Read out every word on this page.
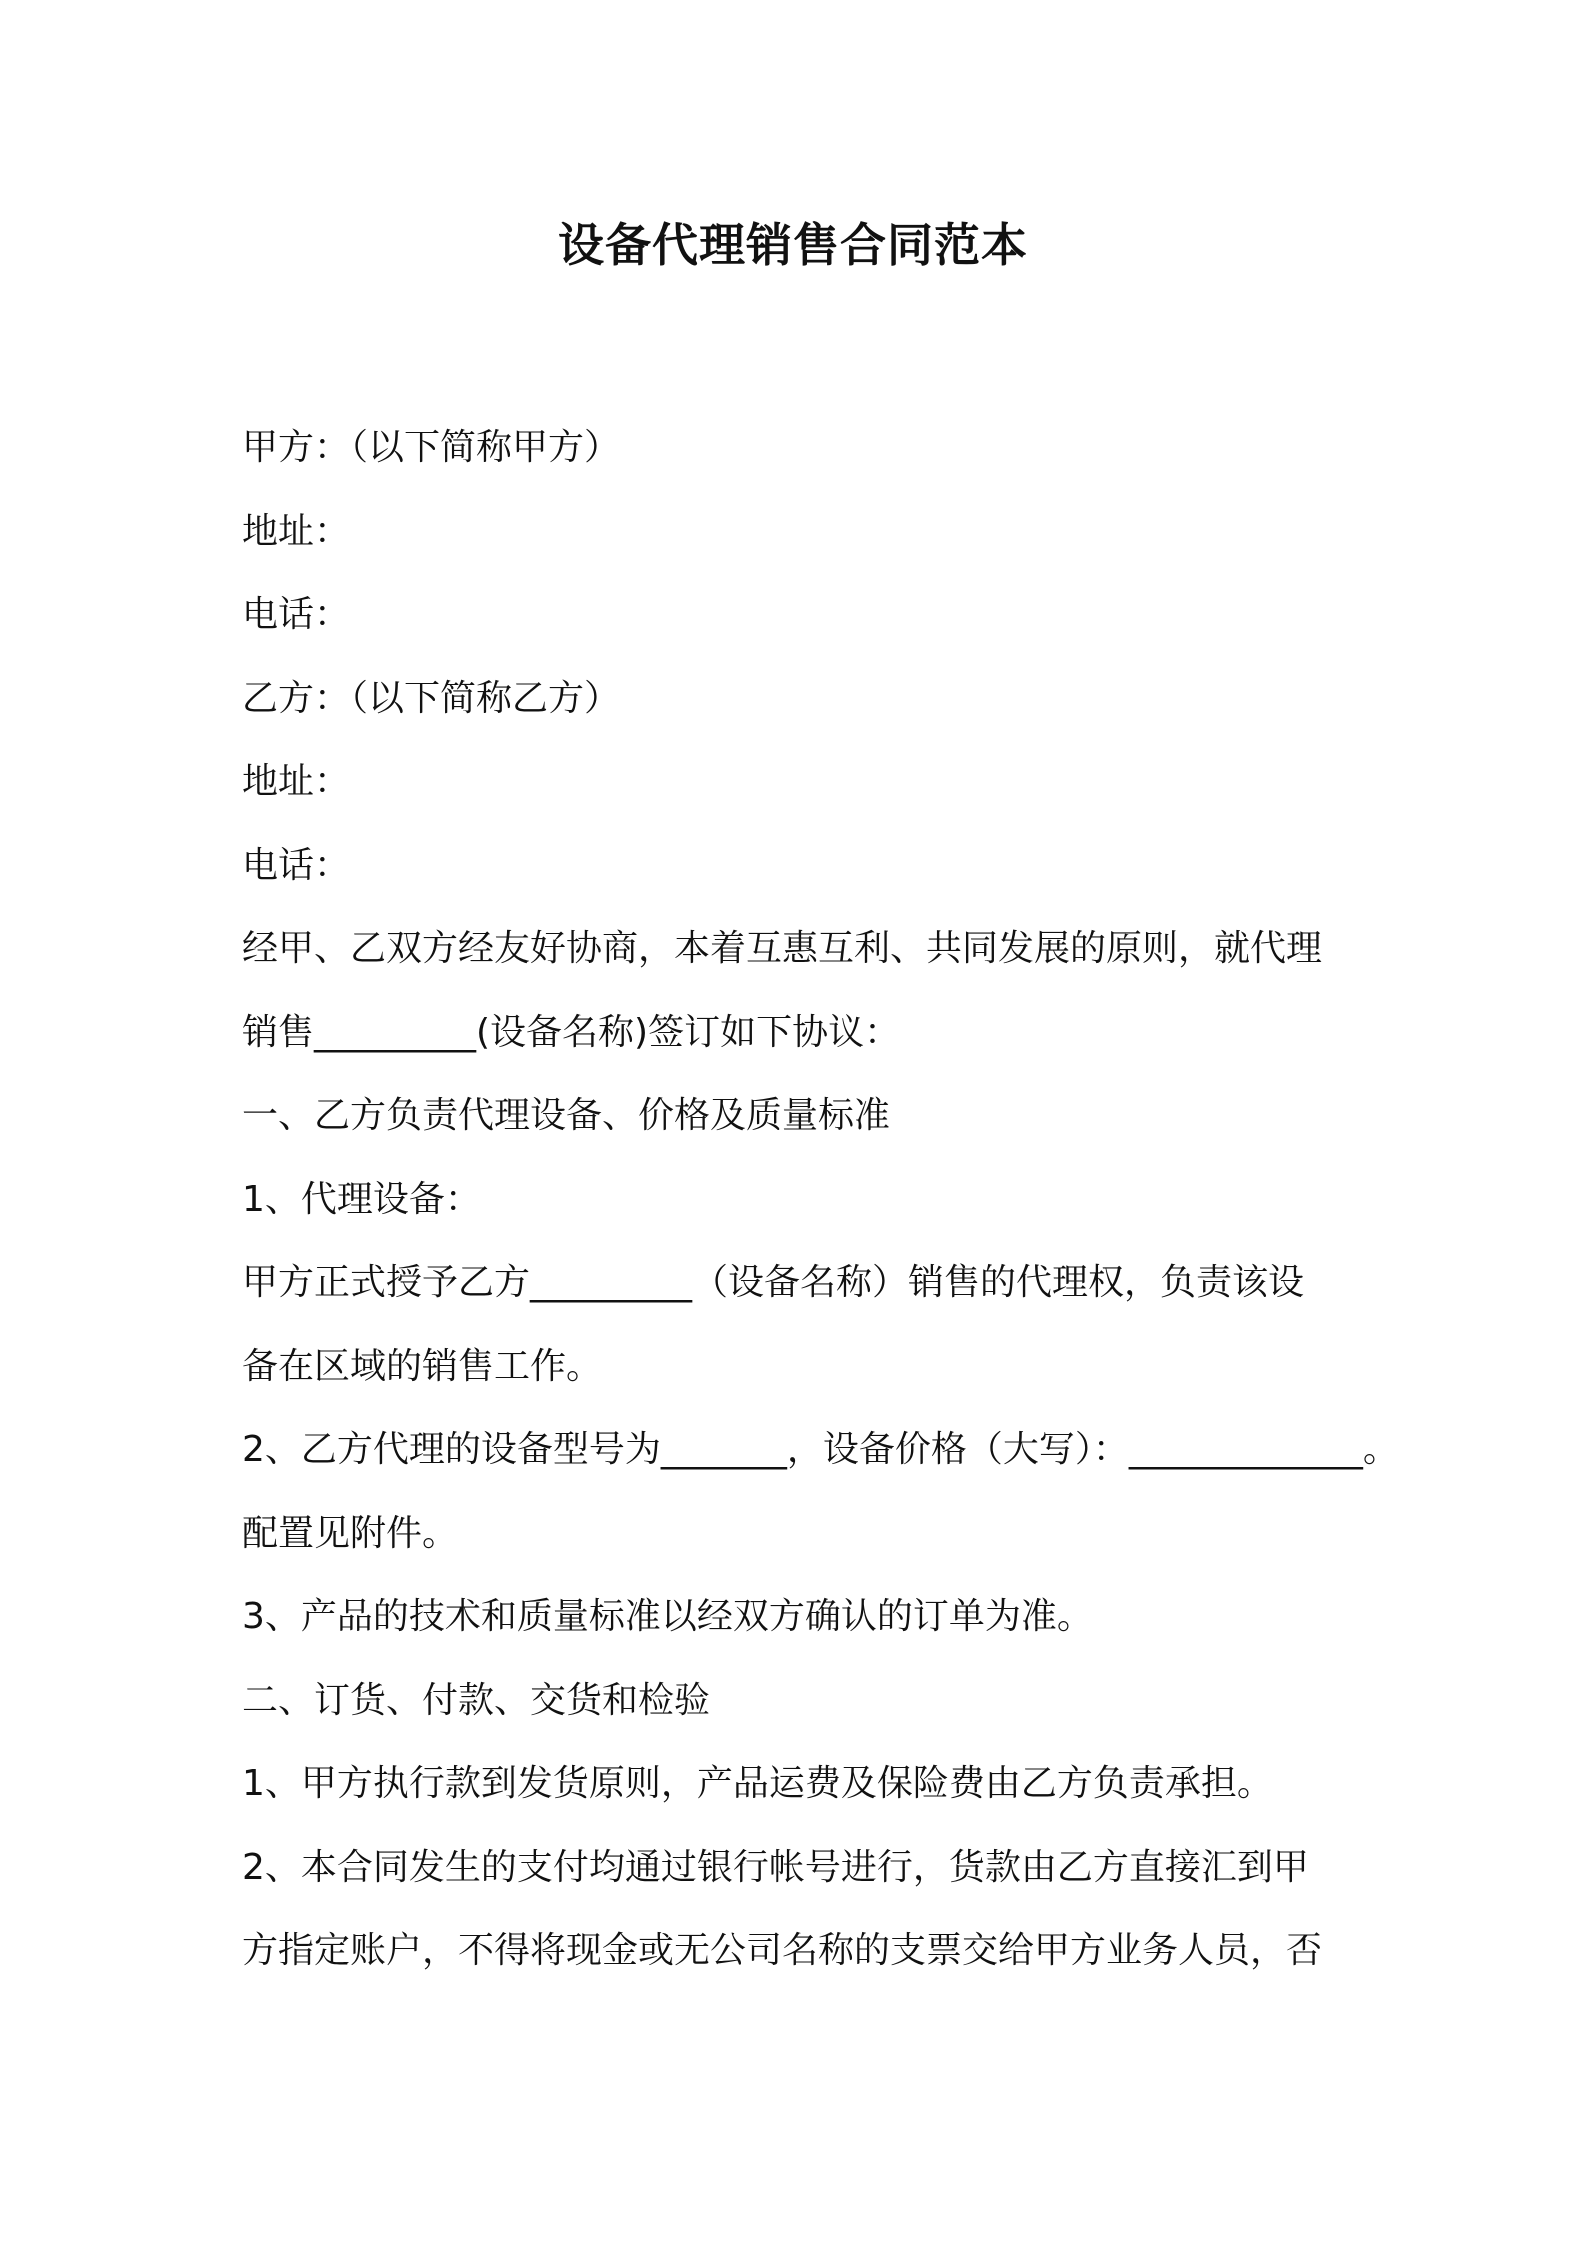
设备代理销售合同范本

甲方：（以下简称甲方）

地址：

电话：

乙方：（以下简称乙方）

地址：

电话：

经甲、乙双方经友好协商，本着互惠互利、共同发展的原则，就代理

销售_________(设备名称)签订如下协议：

一、乙方负责代理设备、价格及质量标准

1、代理设备：

甲方正式授予乙方_________（设备名称）销售的代理权，负责该设

备在区域的销售工作。

2、乙方代理的设备型号为_______，设备价格（大写）：_____________。

配置见附件。

3、产品的技术和质量标准以经双方确认的订单为准。

二、订货、付款、交货和检验

1、甲方执行款到发货原则，产品运费及保险费由乙方负责承担。

2、本合同发生的支付均通过银行帐号进行，货款由乙方直接汇到甲

方指定账户，不得将现金或无公司名称的支票交给甲方业务人员，否
